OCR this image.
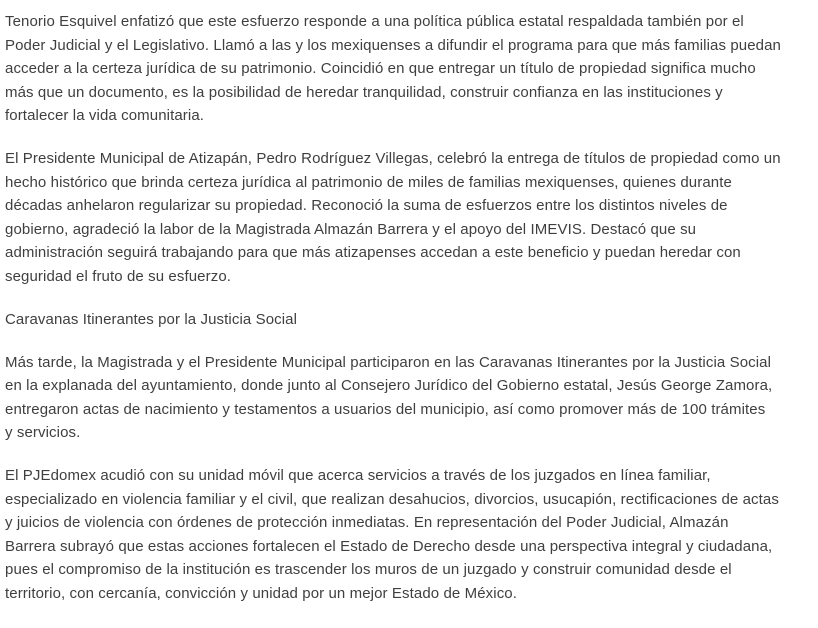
Tenorio Esquivel enfatizó que este esfuerzo responde a una política pública estatal respaldada también por el
Poder Judicial y el Legislativo. Llamó a las y los mexiquenses a difundir el programa para que más familias puedan
acceder a la certeza jurídica de su patrimonio. Coincidió en que entregar un título de propiedad significa mucho
más que un documento, es la posibilidad de heredar tranquilidad, construir confianza en las instituciones y
fortalecer la vida comunitaria.

El Presidente Municipal de Atizapán, Pedro Rodríguez Villegas, celebró la entrega de títulos de propiedad como un
hecho histórico que brinda certeza jurídica al patrimonio de miles de familias mexiquenses, quienes durante
décadas anhelaron regularizar su propiedad. Reconoció la suma de esfuerzos entre los distintos niveles de
gobierno, agradeció la labor de la Magistrada Almazán Barrera y el apoyo del IMEVIS. Destacó que su
administración seguirá trabajando para que más atizapenses accedan a este beneficio y puedan heredar con
seguridad el fruto de su esfuerzo.

Caravanas Itinerantes por la Justicia Social

Más tarde, la Magistrada y el Presidente Municipal participaron en las Caravanas Itinerantes por la Justicia Social
en la explanada del ayuntamiento, donde junto al Consejero Jurídico del Gobierno estatal, Jesús George Zamora,
entregaron actas de nacimiento y testamentos a usuarios del municipio, así como promover más de 100 trámites
y servicios.

El PJEdomex acudió con su unidad móvil que acerca servicios a través de los juzgados en línea familiar,
especializado en violencia familiar y el civil, que realizan desahucios, divorcios, usucapión, rectificaciones de actas
y juicios de violencia con órdenes de protección inmediatas. En representación del Poder Judicial, Almazán
Barrera subrayó que estas acciones fortalecen el Estado de Derecho desde una perspectiva integral y ciudadana,
pues el compromiso de la institución es trascender los muros de un juzgado y construir comunidad desde el
territorio, con cercanía, convicción y unidad por un mejor Estado de México.
